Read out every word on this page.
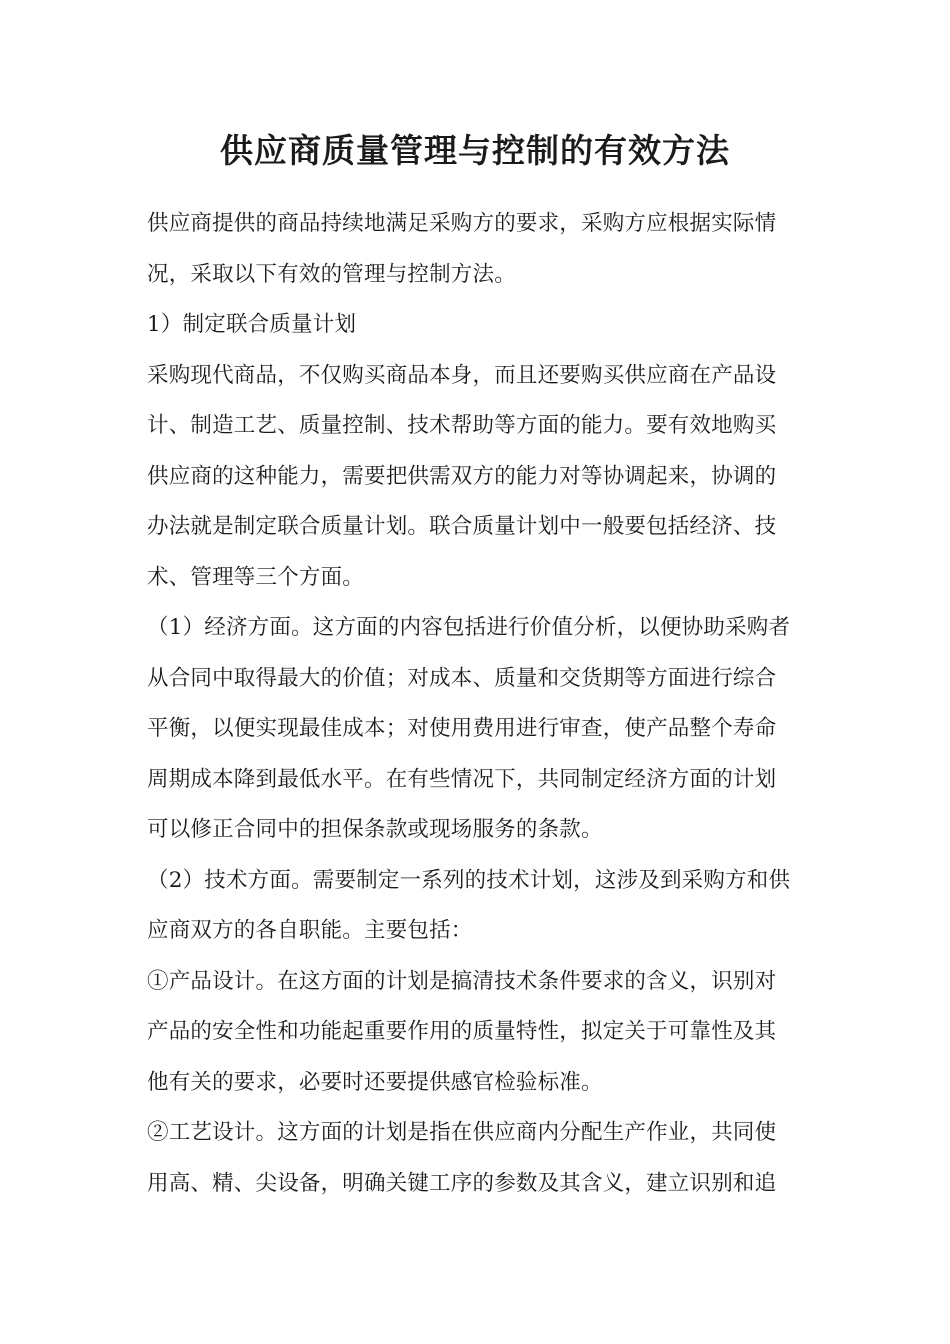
供应商质量管理与控制的有效方法
供应商提供的商品持续地满足采购方的要求，采购方应根据实际情
况，采取以下有效的管理与控制方法。
1）制定联合质量计划
采购现代商品，不仅购买商品本身，而且还要购买供应商在产品设
计、制造工艺、质量控制、技术帮助等方面的能力。要有效地购买
供应商的这种能力，需要把供需双方的能力对等协调起来，协调的
办法就是制定联合质量计划。联合质量计划中一般要包括经济、技
术、管理等三个方面。
（1）经济方面。这方面的内容包括进行价值分析，以便协助采购者
从合同中取得最大的价值；对成本、质量和交货期等方面进行综合
平衡，以便实现最佳成本；对使用费用进行审查，使产品整个寿命
周期成本降到最低水平。在有些情况下，共同制定经济方面的计划
可以修正合同中的担保条款或现场服务的条款。
（2）技术方面。需要制定一系列的技术计划，这涉及到采购方和供
应商双方的各自职能。主要包括：
①产品设计。在这方面的计划是搞清技术条件要求的含义，识别对
产品的安全性和功能起重要作用的质量特性，拟定关于可靠性及其
他有关的要求，必要时还要提供感官检验标准。
②工艺设计。这方面的计划是指在供应商内分配生产作业，共同使
用高、精、尖设备，明确关键工序的参数及其含义，建立识别和追
